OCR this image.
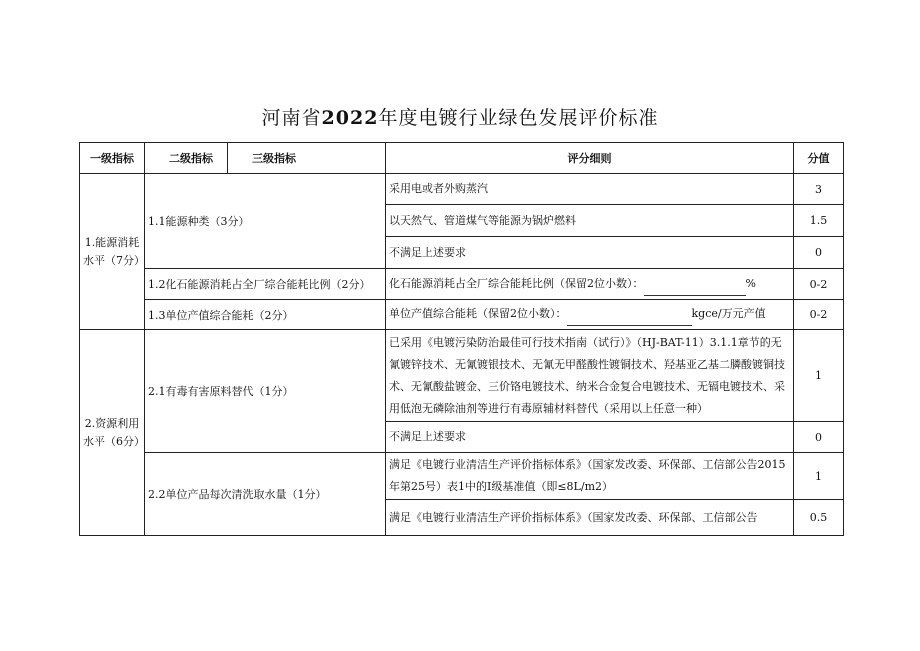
河南省2022年度电镀行业绿色发展评价标准
一级指标	二级指标	三级指标	评分细则	分值
1.能源消耗水平（7分）	1.1能源种类（3分）		采用电或者外购蒸汽	3
			以天然气、管道煤气等能源为锅炉燃料	1.5
			不满足上述要求	0
	1.2化石能源消耗占全厂综合能耗比例（2分）		化石能源消耗占全厂综合能耗比例（保留2位小数）： %	0-2
	1.3单位产值综合能耗（2分）		单位产值综合能耗（保留2位小数）： kgce/万元产值	0-2
2.资源利用水平（6分）	2.1有毒有害原料替代（1分）		已采用《电镀污染防治最佳可行技术指南（试行）》（HJ-BAT-11）3.1.1章节的无氰镀锌技术、无氰镀银技术、无氰无甲醛酸性镀铜技术、羟基亚乙基二膦酸镀铜技术、无氰酸盐镀金、三价铬电镀技术、纳米合金复合电镀技术、无镉电镀技术、采用低泡无磷除油剂等进行有毒原辅材料替代（采用以上任意一种）	1
			不满足上述要求	0
	2.2单位产品每次清洗取水量（1分）		满足《电镀行业清洁生产评价指标体系》（国家发改委、环保部、工信部公告2015年第25号）表1中的Ⅰ级基准值（即≤8L/m2）	1
			满足《电镀行业清洁生产评价指标体系》（国家发改委、环保部、工信部公告	0.5
